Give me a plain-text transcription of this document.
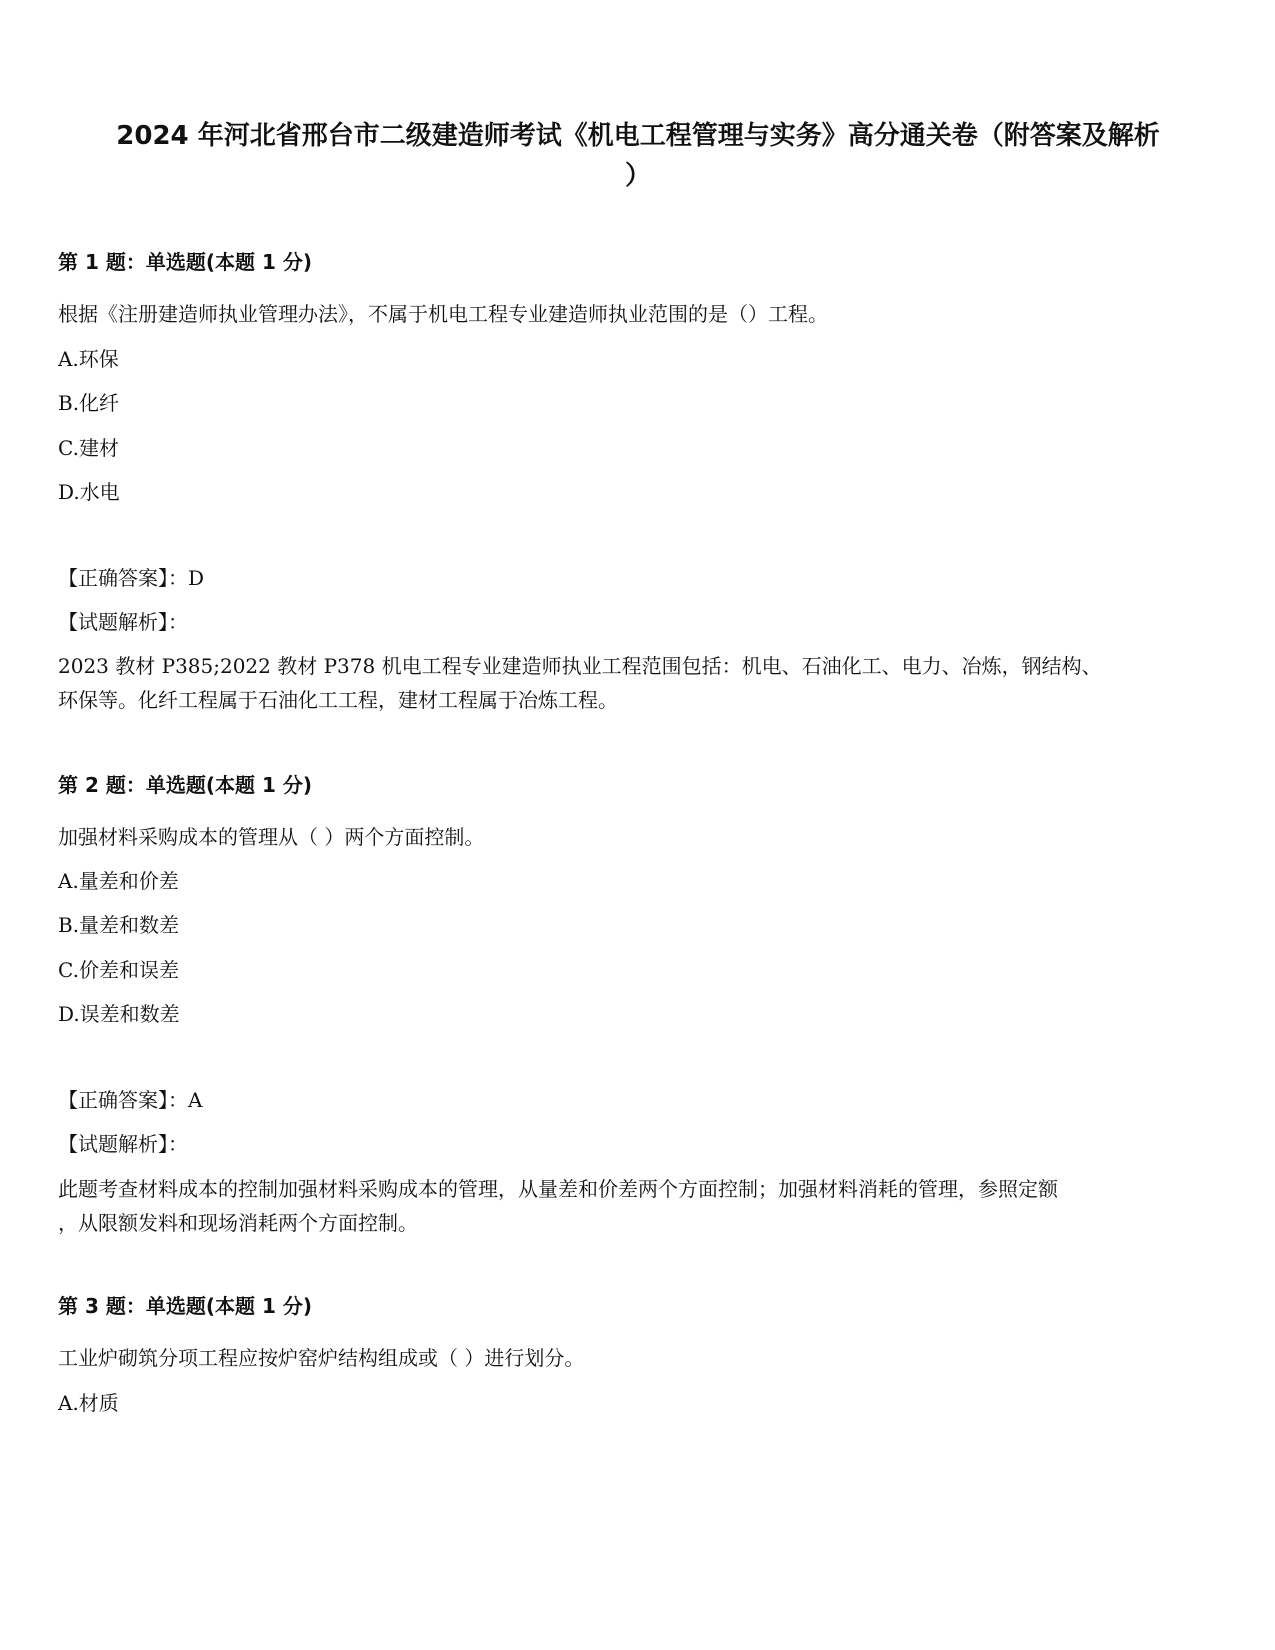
2024 年河北省邢台市二级建造师考试《机电工程管理与实务》高分通关卷（附答案及解析
）
第 1 题：单选题(本题 1 分)
根据《注册建造师执业管理办法》，不属于机电工程专业建造师执业范围的是（）工程。
A.环保
B.化纤
C.建材
D.水电
【正确答案】：D
【试题解析】：
2023 教材 P385;2022 教材 P378 机电工程专业建造师执业工程范围包括：机电、石油化工、电力、冶炼，钢结构、
环保等。化纤工程属于石油化工工程，建材工程属于冶炼工程。
第 2 题：单选题(本题 1 分)
加强材料采购成本的管理从（ ）两个方面控制。
A.量差和价差
B.量差和数差
C.价差和误差
D.误差和数差
【正确答案】：A
【试题解析】：
此题考查材料成本的控制加强材料采购成本的管理，从量差和价差两个方面控制；加强材料消耗的管理，参照定额
，从限额发料和现场消耗两个方面控制。
第 3 题：单选题(本题 1 分)
工业炉砌筑分项工程应按炉窑炉结构组成或（ ）进行划分。
A.材质
